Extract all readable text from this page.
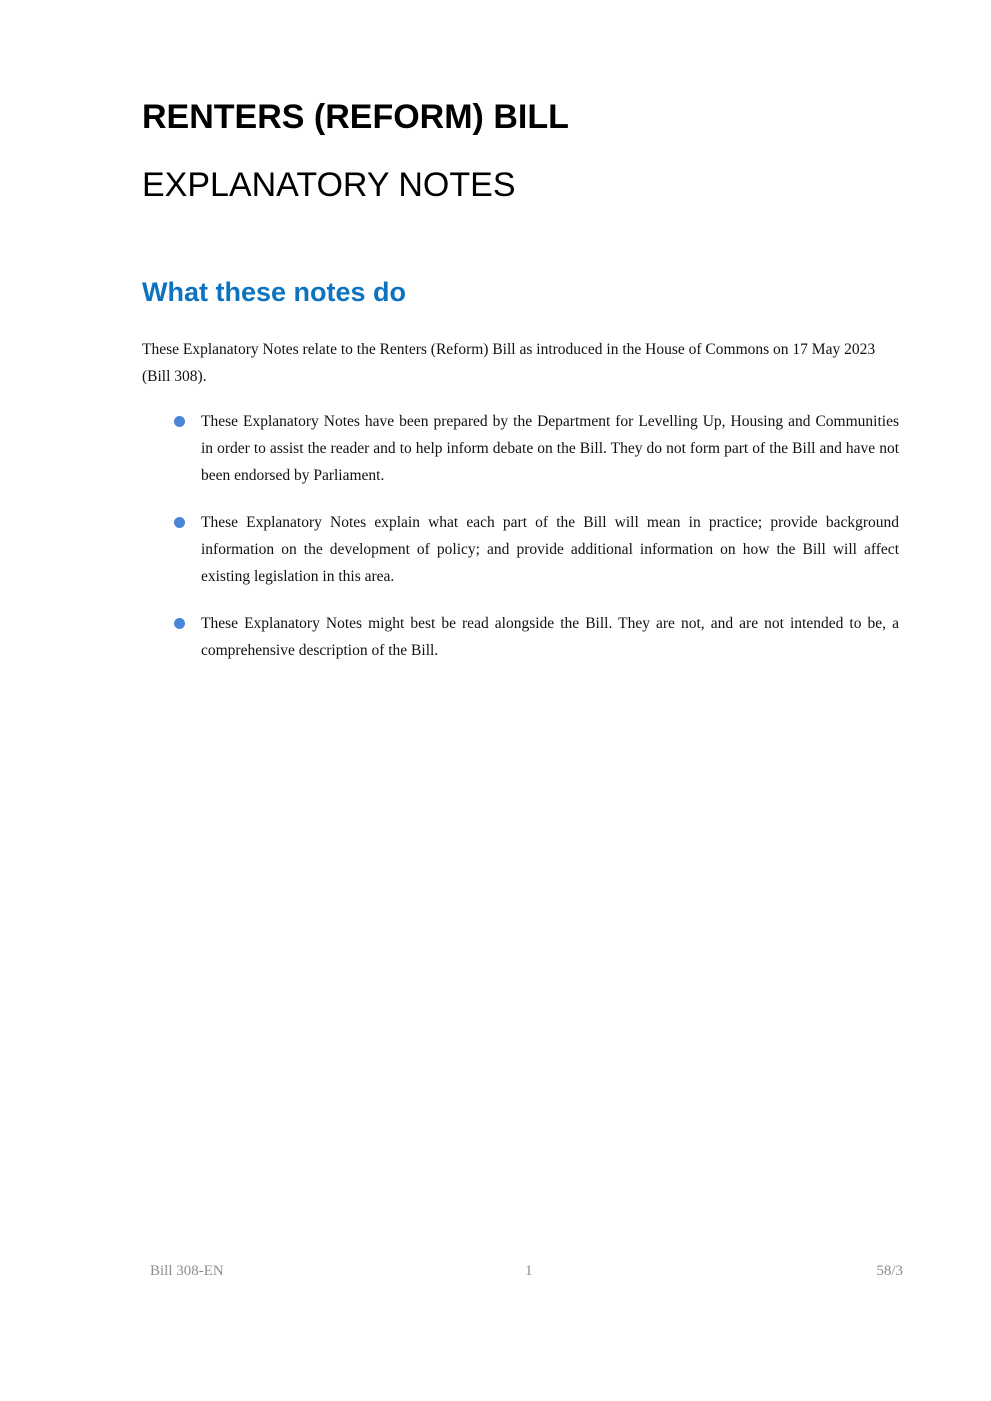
RENTERS (REFORM) BILL
EXPLANATORY NOTES
What these notes do

These Explanatory Notes relate to the Renters (Reform) Bill as introduced in the House of Commons on 17 May 2023 (Bill 308).

These Explanatory Notes have been prepared by the Department for Levelling Up, Housing and Communities in order to assist the reader and to help inform debate on the Bill. They do not form part of the Bill and have not been endorsed by Parliament.
These Explanatory Notes explain what each part of the Bill will mean in practice; provide background information on the development of policy; and provide additional information on how the Bill will affect existing legislation in this area.
These Explanatory Notes might best be read alongside the Bill. They are not, and are not intended to be, a comprehensive description of the Bill.
Bill 308-EN	1	58/3
